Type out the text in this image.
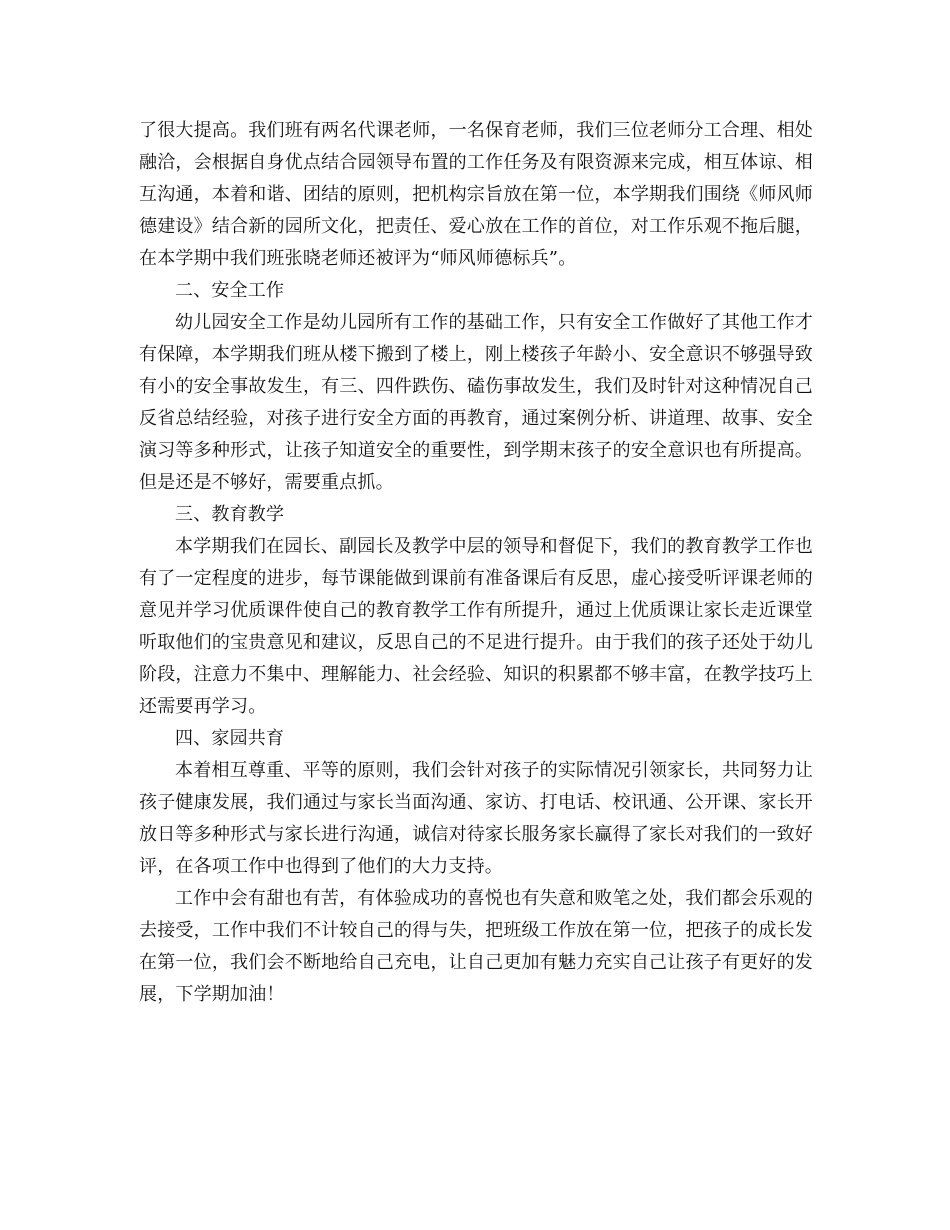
了很大提高。我们班有两名代课老师，一名保育老师，我们三位老师分工合理、相处融洽，会根据自身优点结合园领导布置的工作任务及有限资源来完成，相互体谅、相互沟通，本着和谐、团结的原则，把机构宗旨放在第一位，本学期我们围绕《师风师德建设》结合新的园所文化，把责任、爱心放在工作的首位，对工作乐观不拖后腿，在本学期中我们班张晓老师还被评为“师风师德标兵”。

二、安全工作

幼儿园安全工作是幼儿园所有工作的基础工作，只有安全工作做好了其他工作才有保障，本学期我们班从楼下搬到了楼上，刚上楼孩子年龄小、安全意识不够强导致有小的安全事故发生，有三、四件跌伤、磕伤事故发生，我们及时针对这种情况自己反省总结经验，对孩子进行安全方面的再教育，通过案例分析、讲道理、故事、安全演习等多种形式，让孩子知道安全的重要性，到学期末孩子的安全意识也有所提高。但是还是不够好，需要重点抓。

三、教育教学

本学期我们在园长、副园长及教学中层的领导和督促下，我们的教育教学工作也有了一定程度的进步，每节课能做到课前有准备课后有反思，虚心接受听评课老师的意见并学习优质课件使自己的教育教学工作有所提升，通过上优质课让家长走近课堂听取他们的宝贵意见和建议，反思自己的不足进行提升。由于我们的孩子还处于幼儿阶段，注意力不集中、理解能力、社会经验、知识的积累都不够丰富，在教学技巧上还需要再学习。

四、家园共育

本着相互尊重、平等的原则，我们会针对孩子的实际情况引领家长，共同努力让孩子健康发展，我们通过与家长当面沟通、家访、打电话、校讯通、公开课、家长开放日等多种形式与家长进行沟通，诚信对待家长服务家长赢得了家长对我们的一致好评，在各项工作中也得到了他们的大力支持。

工作中会有甜也有苦，有体验成功的喜悦也有失意和败笔之处，我们都会乐观的去接受，工作中我们不计较自己的得与失，把班级工作放在第一位，把孩子的成长发在第一位，我们会不断地给自己充电，让自己更加有魅力充实自己让孩子有更好的发展，下学期加油！
